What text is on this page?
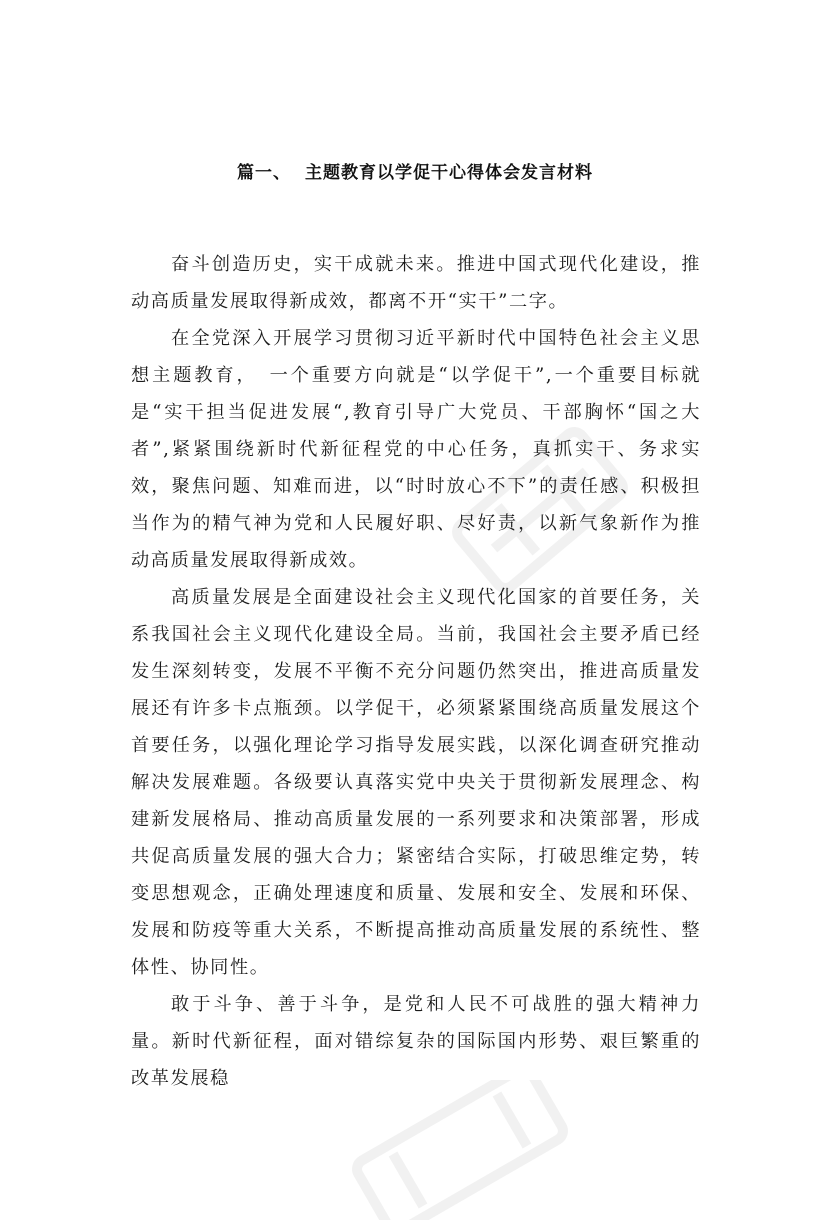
篇一、 主题教育以学促干心得体会发言材料

奋斗创造历史，实干成就未来。推进中国式现代化建设，推动高质量发展取得新成效，都离不开“实干”二字。

在全党深入开展学习贯彻习近平新时代中国特色社会主义思想主题教育，　一个重要方向就是“以学促干”,一个重要目标就是“实干担当促进发展“,教育引导广大党员、干部胸怀“国之大者”,紧紧围绕新时代新征程党的中心任务，真抓实干、务求实效，聚焦问题、知难而进，以“时时放心不下”的责任感、积极担当作为的精气神为党和人民履好职、尽好责，以新气象新作为推动高质量发展取得新成效。

高质量发展是全面建设社会主义现代化国家的首要任务，关系我国社会主义现代化建设全局。当前，我国社会主要矛盾已经发生深刻转变，发展不平衡不充分问题仍然突出，推进高质量发展还有许多卡点瓶颈。以学促干，必须紧紧围绕高质量发展这个首要任务，以强化理论学习指导发展实践，以深化调查研究推动解决发展难题。各级要认真落实党中央关于贯彻新发展理念、构建新发展格局、推动高质量发展的一系列要求和决策部署，形成共促高质量发展的强大合力；紧密结合实际，打破思维定势，转变思想观念，正确处理速度和质量、发展和安全、发展和环保、发展和防疫等重大关系，不断提高推动高质量发展的系统性、整体性、协同性。

敢于斗争、善于斗争，是党和人民不可战胜的强大精神力量。新时代新征程，面对错综复杂的国际国内形势、艰巨繁重的改革发展稳
